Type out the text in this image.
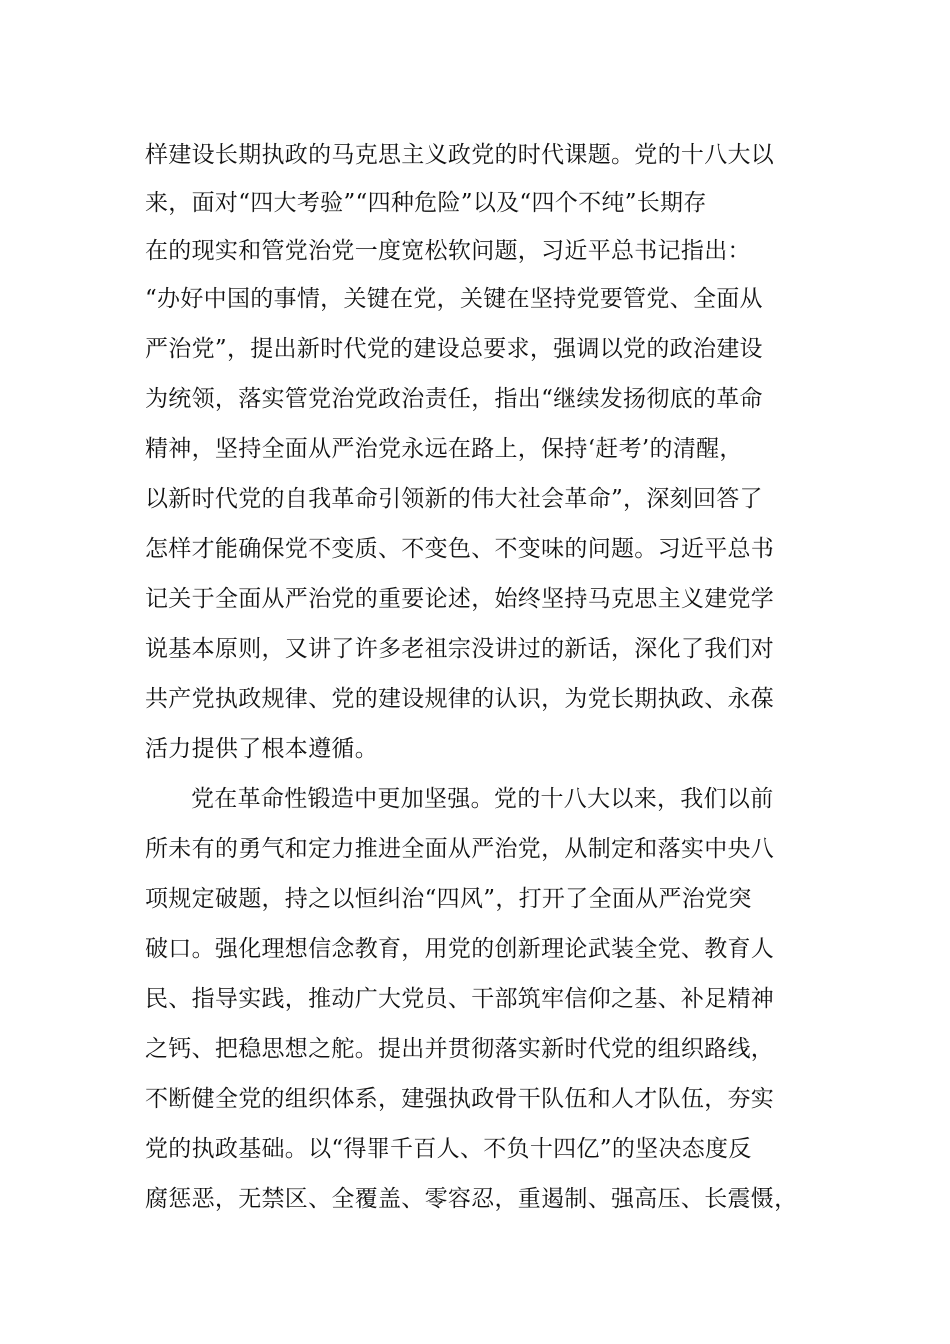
样建设长期执政的马克思主义政党的时代课题。党的十八大以
来，面对“四大考验”“四种危险”以及“四个不纯”长期存
在的现实和管党治党一度宽松软问题，习近平总书记指出：
“办好中国的事情，关键在党，关键在坚持党要管党、全面从
严治党”，提出新时代党的建设总要求，强调以党的政治建设
为统领，落实管党治党政治责任，指出“继续发扬彻底的革命
精神，坚持全面从严治党永远在路上，保持‘赶考’的清醒，
以新时代党的自我革命引领新的伟大社会革命”，深刻回答了
怎样才能确保党不变质、不变色、不变味的问题。习近平总书
记关于全面从严治党的重要论述，始终坚持马克思主义建党学
说基本原则，又讲了许多老祖宗没讲过的新话，深化了我们对
共产党执政规律、党的建设规律的认识，为党长期执政、永葆
活力提供了根本遵循。
党在革命性锻造中更加坚强。党的十八大以来，我们以前
所未有的勇气和定力推进全面从严治党，从制定和落实中央八
项规定破题，持之以恒纠治“四风”，打开了全面从严治党突
破口。强化理想信念教育，用党的创新理论武装全党、教育人
民、指导实践，推动广大党员、干部筑牢信仰之基、补足精神
之钙、把稳思想之舵。提出并贯彻落实新时代党的组织路线，
不断健全党的组织体系，建强执政骨干队伍和人才队伍，夯实
党的执政基础。以“得罪千百人、不负十四亿”的坚决态度反
腐惩恶，无禁区、全覆盖、零容忍，重遏制、强高压、长震慑，
